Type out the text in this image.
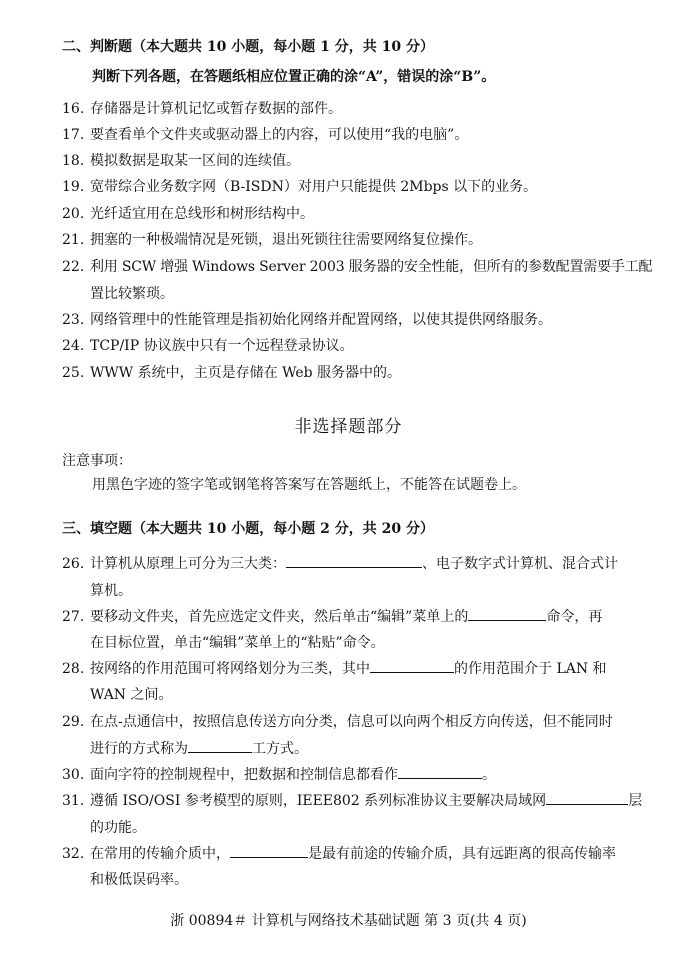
二、判断题（本大题共 10 小题，每小题 1 分，共 10 分）
判断下列各题，在答题纸相应位置正确的涂“A”，错误的涂“B”。
16. 存储器是计算机记忆或暂存数据的部件。
17. 要查看单个文件夹或驱动器上的内容，可以使用“我的电脑”。
18. 模拟数据是取某一区间的连续值。
19. 宽带综合业务数字网（B-ISDN）对用户只能提供 2Mbps 以下的业务。
20. 光纤适宜用在总线形和树形结构中。
21. 拥塞的一种极端情况是死锁，退出死锁往往需要网络复位操作。
22. 利用 SCW 增强 Windows Server 2003 服务器的安全性能，但所有的参数配置需要手工配
置比较繁琐。
23. 网络管理中的性能管理是指初始化网络并配置网络，以使其提供网络服务。
24. TCP/IP 协议族中只有一个远程登录协议。
25. WWW 系统中，主页是存储在 Web 服务器中的。
非选择题部分
注意事项：
用黑色字迹的签字笔或钢笔将答案写在答题纸上，不能答在试题卷上。
三、填空题（本大题共 10 小题，每小题 2 分，共 20 分）
26. 计算机从原理上可分为三大类：	、电子数字式计算机、混合式计
算机。
27. 要移动文件夹，首先应选定文件夹，然后单击“编辑”菜单上的	命令，再
在目标位置，单击“编辑”菜单上的“粘贴”命令。
28. 按网络的作用范围可将网络划分为三类，其中	的作用范围介于 LAN 和
WAN 之间。
29. 在点-点通信中，按照信息传送方向分类，信息可以向两个相反方向传送，但不能同时
进行的方式称为	工方式。
30. 面向字符的控制规程中，把数据和控制信息都看作	。
31. 遵循 ISO/OSI 参考模型的原则，IEEE802 系列标准协议主要解决局域网	层
的功能。
32. 在常用的传输介质中，	是最有前途的传输介质，具有远距离的很高传输率
和极低误码率。
浙 00894＃ 计算机与网络技术基础试题 第 3 页(共 4 页)
